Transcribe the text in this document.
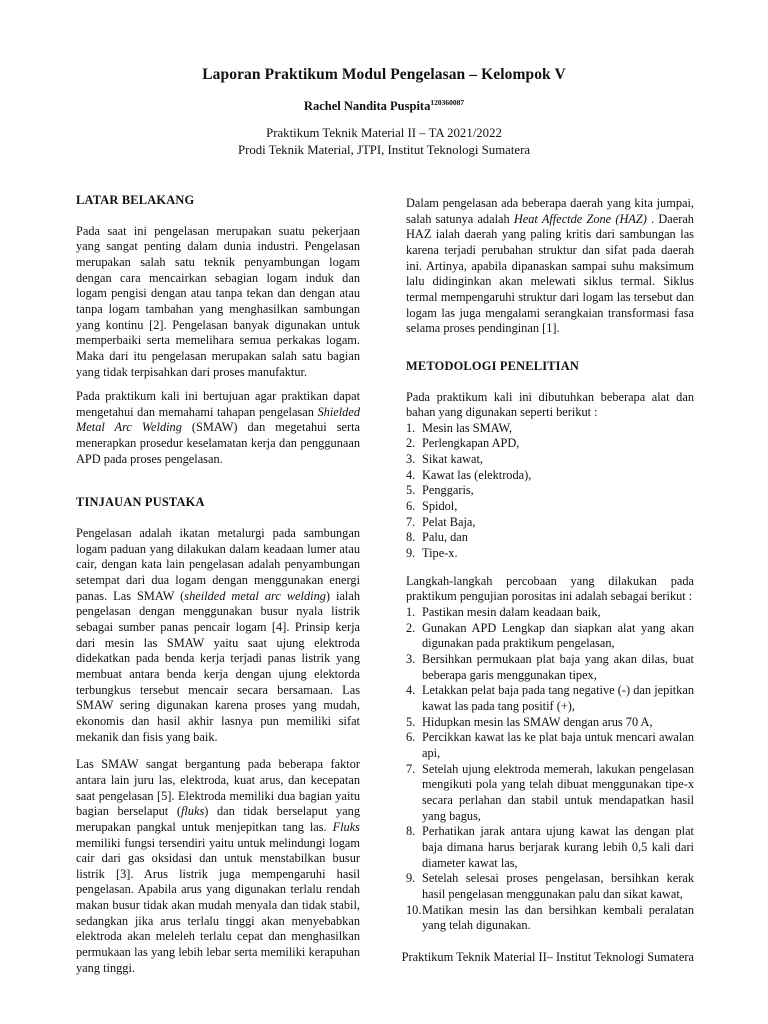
Laporan Praktikum Modul Pengelasan – Kelompok V
Rachel Nandita Puspita$^{120360087}$
Praktikum Teknik Material II – TA 2021/2022
Prodi Teknik Material, JTPI, Institut Teknologi Sumatera
LATAR BELAKANG

Pada saat ini pengelasan merupakan suatu pekerjaan yang sangat penting dalam dunia industri. Pengelasan merupakan salah satu teknik penyambungan logam dengan cara mencairkan sebagian logam induk dan logam pengisi dengan atau tanpa tekan dan dengan atau tanpa logam tambahan yang menghasilkan sambungan yang kontinu [2]. Pengelasan banyak digunakan untuk memperbaiki serta memelihara semua perkakas logam. Maka dari itu pengelasan merupakan salah satu bagian yang tidak terpisahkan dari proses manufaktur.

Pada praktikum kali ini bertujuan agar praktikan dapat mengetahui dan memahami tahapan pengelasan Shielded Metal Arc Welding (SMAW) dan megetahui serta menerapkan prosedur keselamatan kerja dan penggunaan APD pada proses pengelasan.

TINJAUAN PUSTAKA

Pengelasan adalah ikatan metalurgi pada sambungan logam paduan yang dilakukan dalam keadaan lumer atau cair, dengan kata lain pengelasan adalah penyambungan setempat dari dua logam dengan menggunakan energi panas. Las SMAW (sheilded metal arc welding) ialah pengelasan dengan menggunakan busur nyala listrik sebagai sumber panas pencair logam [4]. Prinsip kerja dari mesin las SMAW yaitu saat ujung elektroda didekatkan pada benda kerja terjadi panas listrik yang membuat antara benda kerja dengan ujung elektorda terbungkus tersebut mencair secara bersamaan. Las SMAW sering digunakan karena proses yang mudah, ekonomis dan hasil akhir lasnya pun memiliki sifat mekanik dan fisis yang baik.

Las SMAW sangat bergantung pada beberapa faktor antara lain juru las, elektroda, kuat arus, dan kecepatan saat pengelasan [5]. Elektroda memiliki dua bagian yaitu bagian berselaput (fluks) dan tidak berselaput yang merupakan pangkal untuk menjepitkan tang las. Fluks memiliki fungsi tersendiri yaitu untuk melindungi logam cair dari gas oksidasi dan untuk menstabilkan busur listrik [3]. Arus listrik juga mempengaruhi hasil pengelasan. Apabila arus yang digunakan terlalu rendah makan busur tidak akan mudah menyala dan tidak stabil, sedangkan jika arus terlalu tinggi akan menyebabkan elektroda akan meleleh terlalu cepat dan menghasilkan permukaan las yang lebih lebar serta memiliki kerapuhan yang tinggi.

Dalam pengelasan ada beberapa daerah yang kita jumpai, salah satunya adalah Heat Affectde Zone (HAZ) . Daerah HAZ ialah daerah yang paling kritis dari sambungan las karena terjadi perubahan struktur dan sifat pada daerah ini. Artinya, apabila dipanaskan sampai suhu maksimum lalu didinginkan akan melewati siklus termal. Siklus termal mempengaruhi struktur dari logam las tersebut dan logam las juga mengalami serangkaian transformasi fasa selama proses pendinginan [1].

METODOLOGI PENELITIAN

Pada praktikum kali ini dibutuhkan beberapa alat dan bahan yang digunakan seperti berikut :

1. Mesin las SMAW,
2. Perlengkapan APD,
3. Sikat kawat,
4. Kawat las (elektroda),
5. Penggaris,
6. Spidol,
7. Pelat Baja,
8. Palu, dan
9. Tipe-x.

Langkah-langkah percobaan yang dilakukan pada praktikum pengujian porositas ini adalah sebagai berikut :

1. Pastikan mesin dalam keadaan baik,
2. Gunakan APD Lengkap dan siapkan alat yang akan digunakan pada praktikum pengelasan,
3. Bersihkan permukaan plat baja yang akan dilas, buat beberapa garis menggunakan tipex,
4. Letakkan pelat baja pada tang negative (-) dan jepitkan kawat las pada tang positif (+),
5. Hidupkan mesin las SMAW dengan arus 70 A,
6. Percikkan kawat las ke plat baja untuk mencari awalan api,
7. Setelah ujung elektroda memerah, lakukan pengelasan mengikuti pola yang telah dibuat menggunakan tipe-x secara perlahan dan stabil untuk mendapatkan hasil yang bagus,
8. Perhatikan jarak antara ujung kawat las dengan plat baja dimana harus berjarak kurang lebih 0,5 kali dari diameter kawat las,
9. Setelah selesai proses pengelasan, bersihkan kerak hasil pengelasan menggunakan palu dan sikat kawat,
10. Matikan mesin las dan bersihkan kembali peralatan yang telah digunakan.
Praktikum Teknik Material II– Institut Teknologi Sumatera
